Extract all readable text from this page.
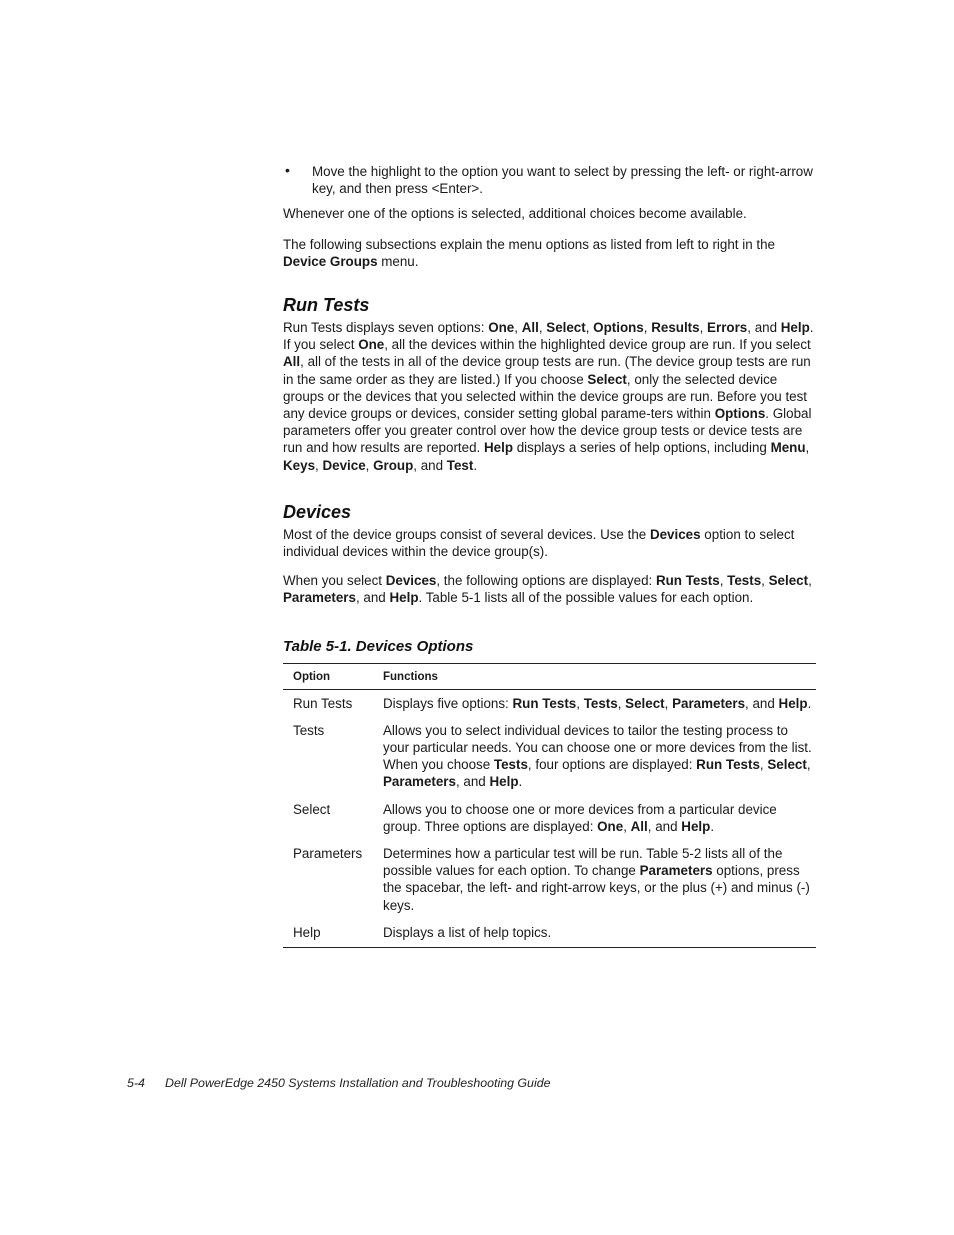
• Move the highlight to the option you want to select by pressing the left- or right-arrow key, and then press <Enter>.

Whenever one of the options is selected, additional choices become available.

The following subsections explain the menu options as listed from left to right in the Device Groups menu.

Run Tests

Run Tests displays seven options: One, All, Select, Options, Results, Errors, and Help. If you select One, all the devices within the highlighted device group are run. If you select All, all of the tests in all of the device group tests are run. (The device group tests are run in the same order as they are listed.) If you choose Select, only the selected device groups or the devices that you selected within the device groups are run. Before you test any device groups or devices, consider setting global parame-ters within Options. Global parameters offer you greater control over how the device group tests or device tests are run and how results are reported. Help displays a series of help options, including Menu, Keys, Device, Group, and Test.

Devices

Most of the device groups consist of several devices. Use the Devices option to select individual devices within the device group(s).

When you select Devices, the following options are displayed: Run Tests, Tests, Select, Parameters, and Help. Table 5-1 lists all of the possible values for each option.

Table 5-1. Devices Options

Option	Functions
Run Tests	Displays five options: Run Tests, Tests, Select, Parameters, and Help.
Tests	Allows you to select individual devices to tailor the testing process to your particular needs. You can choose one or more devices from the list. When you choose Tests, four options are displayed: Run Tests, Select, Parameters, and Help.
Select	Allows you to choose one or more devices from a particular device group. Three options are displayed: One, All, and Help.
Parameters	Determines how a particular test will be run. Table 5-2 lists all of the possible values for each option. To change Parameters options, press the spacebar, the left- and right-arrow keys, or the plus (+) and minus (-) keys.
Help	Displays a list of help topics.
5-4 Dell PowerEdge 2450 Systems Installation and Troubleshooting Guide
